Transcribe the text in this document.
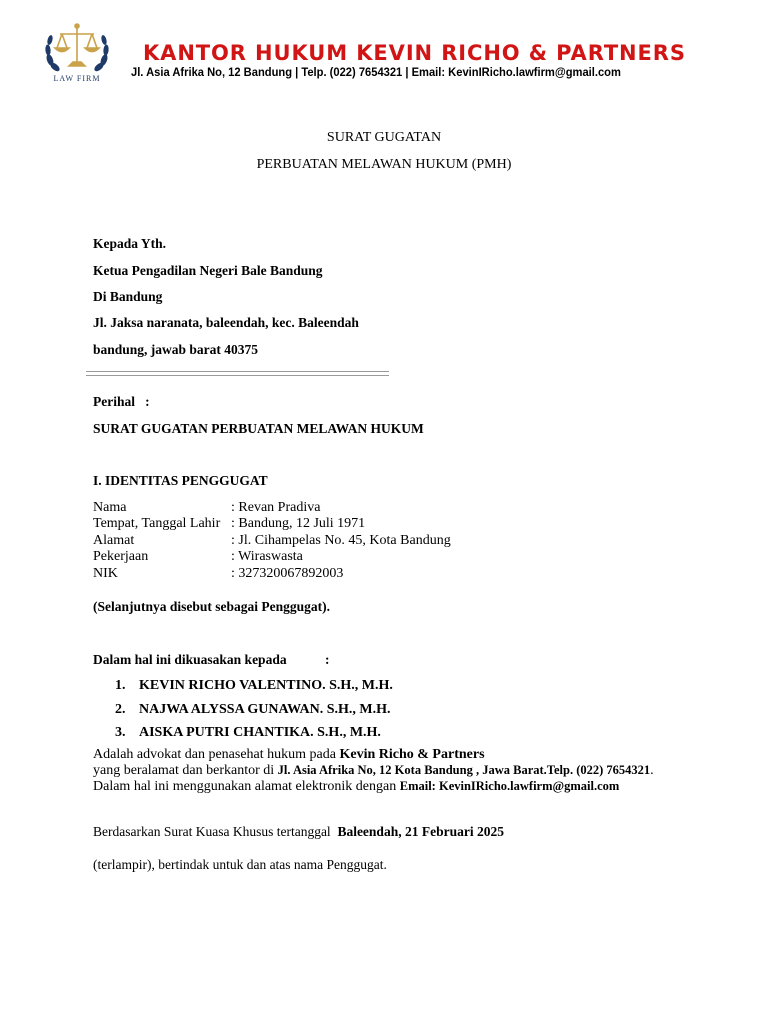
LAW FIRM
KANTOR HUKUM KEVIN RICHO & PARTNERS
Jl. Asia Afrika No, 12 Bandung | Telp. (022) 7654321 | Email: KevinIRicho.lawfirm@gmail.com
SURAT GUGATAN
PERBUATAN MELAWAN HUKUM (PMH)
Kepada Yth.
Ketua Pengadilan Negeri Bale Bandung
Di Bandung
Jl. Jaksa naranata, baleendah, kec. Baleendah
bandung, jawab barat 40375
Perihal   :
SURAT GUGATAN PERBUATAN MELAWAN HUKUM
I. IDENTITAS PENGGUGAT
Nama	: Revan Pradiva
Tempat, Tanggal Lahir : Bandung, 12 Juli 1971
Alamat	: Jl. Cihampelas No. 45, Kota Bandung
Pekerjaan	: Wiraswasta
NIK	: 327320067892003
(Selanjutnya disebut sebagai Penggugat).
Dalam hal ini dikuasakan kepada	:
1. KEVIN RICHO VALENTINO. S.H., M.H.
2. NAJWA ALYSSA GUNAWAN. S.H., M.H.
3. AISKA PUTRI CHANTIKA. S.H., M.H.
Adalah advokat dan penasehat hukum pada Kevin Richo & Partners
yang beralamat dan berkantor di Jl. Asia Afrika No, 12 Kota Bandung , Jawa Barat.Telp. (022) 7654321.
Dalam hal ini menggunakan alamat elektronik dengan Email: KevinIRicho.lawfirm@gmail.com
Berdasarkan Surat Kuasa Khusus tertanggal  Baleendah, 21 Februari 2025
(terlampir), bertindak untuk dan atas nama Penggugat.
